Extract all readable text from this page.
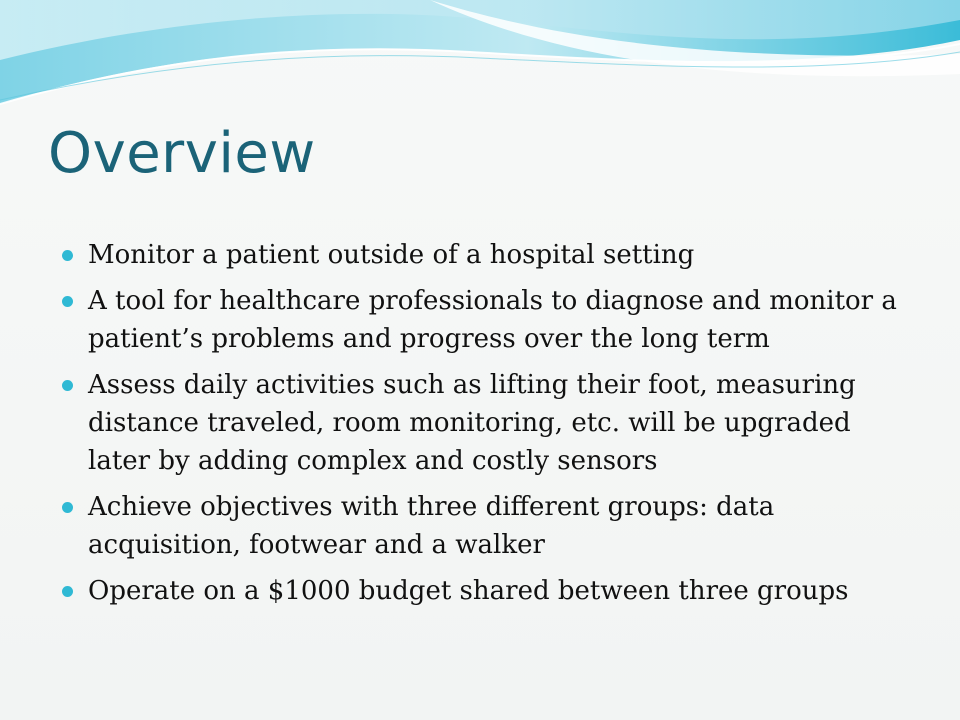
Overview
Monitor a patient outside of a hospital setting
A tool for healthcare professionals to diagnose and monitor a patient’s problems and progress over the long term
Assess daily activities such as lifting their foot, measuring distance traveled, room monitoring, etc. will be upgraded later by adding complex and costly sensors
Achieve objectives with three different groups: data acquisition, footwear and a walker
Operate on a $1000 budget shared between three groups
